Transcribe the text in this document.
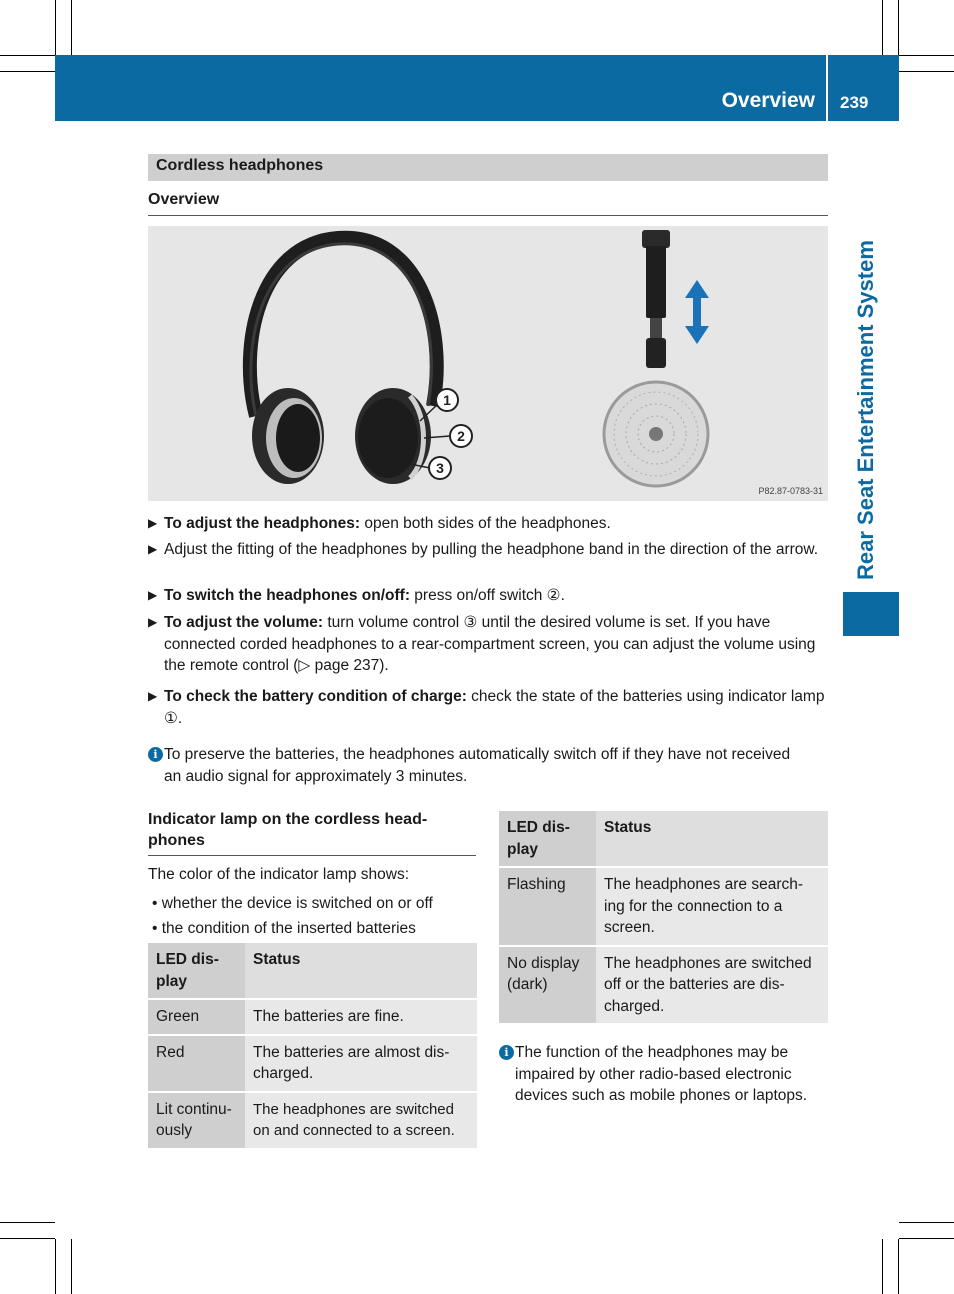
Overview 239
Rear Seat Entertainment System
Cordless headphones
Overview
1
2
3
P82.87-0783-31
▶ To adjust the headphones: open both sides of the headphones.
▶ Adjust the fitting of the headphones by pulling the headphone band in the direction of the arrow.
▶ To switch the headphones on/off: press on/off switch ②.
▶ To adjust the volume: turn volume control ③ until the desired volume is set. If you have connected corded headphones to a rear-compartment screen, you can adjust the volume using the remote control (▷ page 237).
▶ To check the battery condition of charge: check the state of the batteries using indicator lamp ①.
i To preserve the batteries, the headphones automatically switch off if they have not received an audio signal for approximately 3 minutes.
Indicator lamp on the cordless head-
phones
The color of the indicator lamp shows:
• whether the device is switched on or off
• the condition of the inserted batteries
LED dis-
play	Status
Green	The batteries are fine.
Red	The batteries are almost dis-
charged.
Lit continu-
ously	The headphones are switched
on and connected to a screen.
LED dis-
play	Status
Flashing	The headphones are search-
ing for the connection to a
screen.
No display
(dark)	The headphones are switched
off or the batteries are dis-
charged.
i The function of the headphones may be impaired by other radio-based electronic devices such as mobile phones or laptops.
